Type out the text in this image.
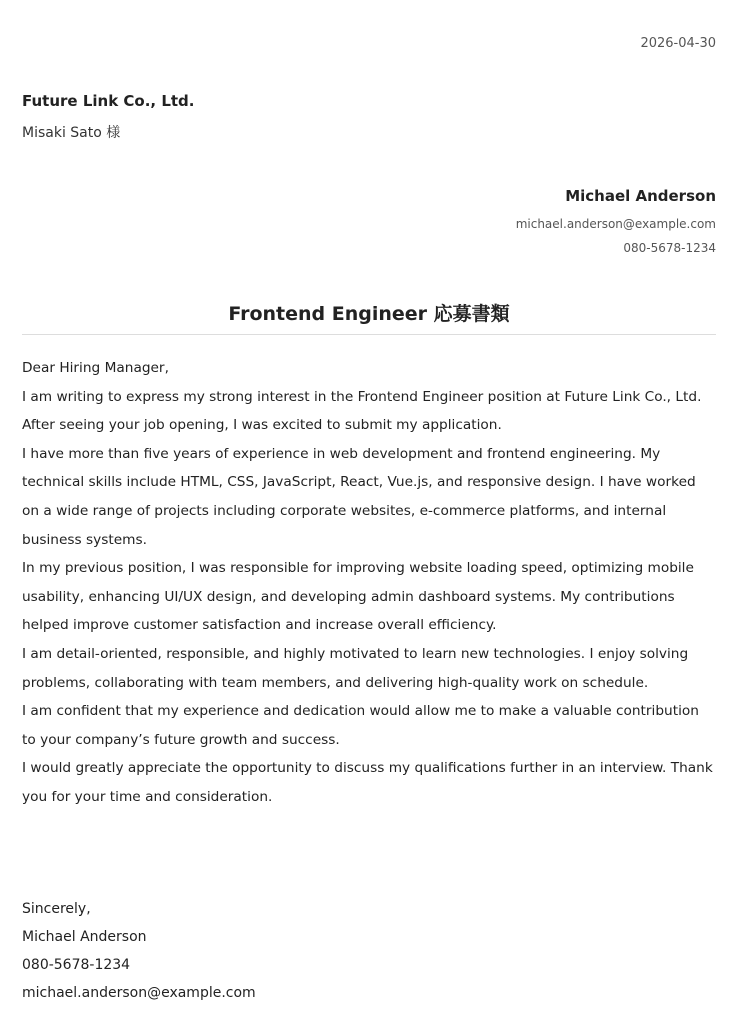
2026-04-30
Future Link Co., Ltd.
Misaki Sato 様
Michael Anderson
michael.anderson@example.com
080-5678-1234
Frontend Engineer 応募書類

Dear Hiring Manager,

I am writing to express my strong interest in the Frontend Engineer position at Future Link Co., Ltd. After seeing your job opening, I was excited to submit my application.

I have more than five years of experience in web development and frontend engineering. My technical skills include HTML, CSS, JavaScript, React, Vue.js, and responsive design. I have worked on a wide range of projects including corporate websites, e-commerce platforms, and internal business systems.

In my previous position, I was responsible for improving website loading speed, optimizing mobile usability, enhancing UI/UX design, and developing admin dashboard systems. My contributions helped improve customer satisfaction and increase overall efficiency.

I am detail-oriented, responsible, and highly motivated to learn new technologies. I enjoy solving problems, collaborating with team members, and delivering high-quality work on schedule.

I am confident that my experience and dedication would allow me to make a valuable contribution to your company’s future growth and success.

I would greatly appreciate the opportunity to discuss my qualifications further in an interview. Thank you for your time and consideration.

Sincerely,
Michael Anderson
080-5678-1234
michael.anderson@example.com
